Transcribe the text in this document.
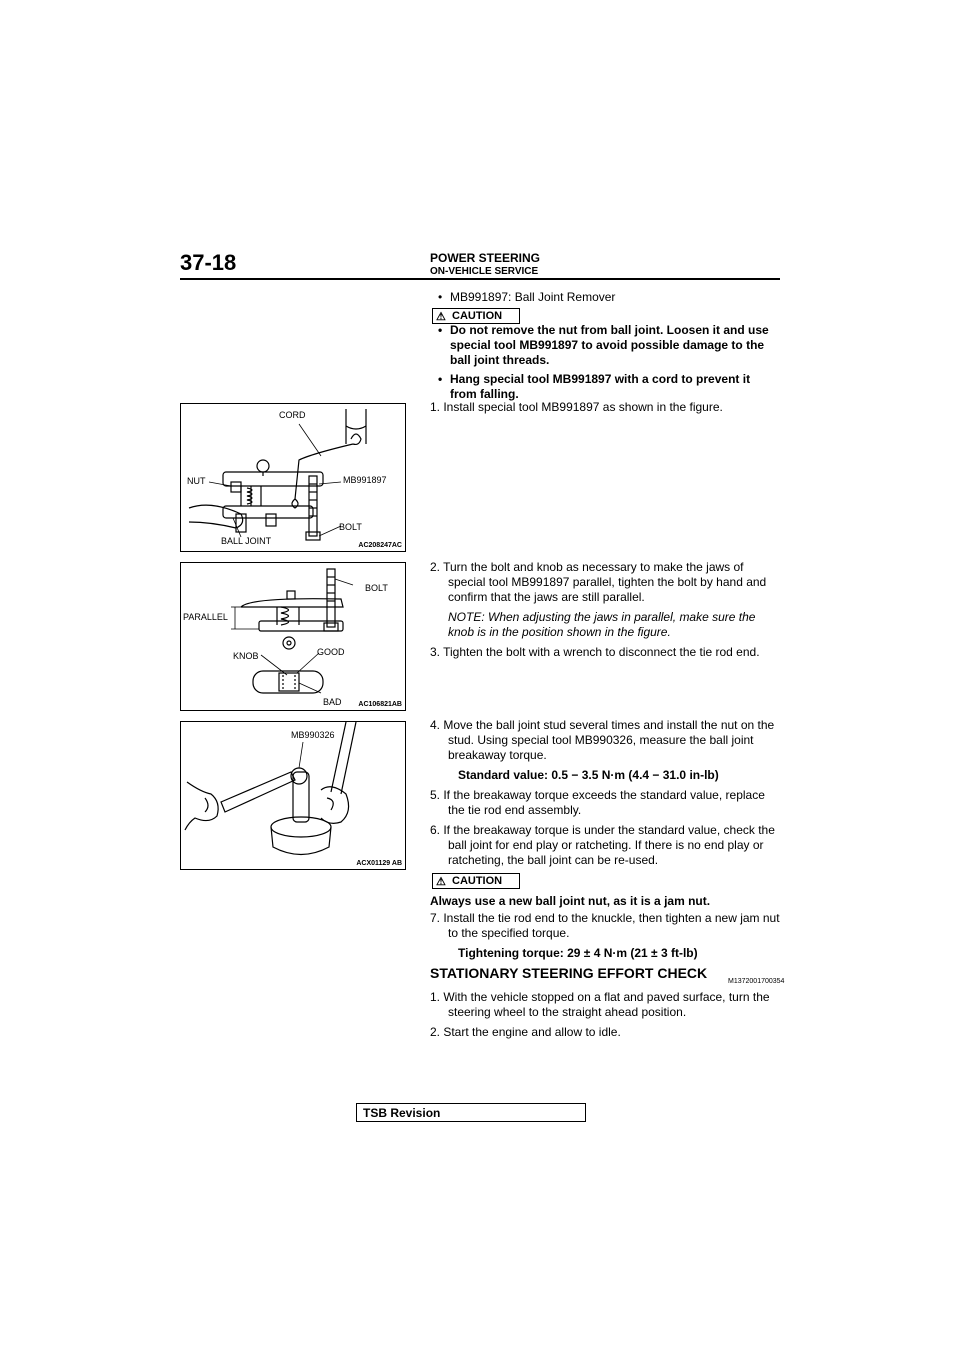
37-18	POWER STEERING
ON-VEHICLE SERVICE
• MB991897: Ball Joint Remover
⚠ CAUTION
• Do not remove the nut from ball joint. Loosen it and use special tool MB991897 to avoid possible damage to the ball joint threads.
• Hang special tool MB991897 with a cord to prevent it from falling.
1. Install special tool MB991897 as shown in the figure.
CORD
NUT	MB991897
BOLT
BALL JOINT	AC208247AC
2. Turn the bolt and knob as necessary to make the jaws of special tool MB991897 parallel, tighten the bolt by hand and confirm that the jaws are still parallel.
NOTE: When adjusting the jaws in parallel, make sure the knob is in the position shown in the figure.
3. Tighten the bolt with a wrench to disconnect the tie rod end.
BOLT
PARALLEL
KNOB	GOOD
BAD AC106821AB
4. Move the ball joint stud several times and install the nut on the stud. Using special tool MB990326, measure the ball joint breakaway torque.
Standard value: 0.5 − 3.5 N·m (4.4 − 31.0 in-lb)
5. If the breakaway torque exceeds the standard value, replace the tie rod end assembly.
6. If the breakaway torque is under the standard value, check the ball joint for end play or ratcheting. If there is no end play or ratcheting, the ball joint can be re-used.
⚠ CAUTION
Always use a new ball joint nut, as it is a jam nut.
7. Install the tie rod end to the knuckle, then tighten a new jam nut to the specified torque.
Tightening torque: 29 ± 4 N·m (21 ± 3 ft-lb)
MB990326
ACX01129 AB
STATIONARY STEERING EFFORT CHECK
M1372001700354
1. With the vehicle stopped on a flat and paved surface, turn the steering wheel to the straight ahead position.
2. Start the engine and allow to idle.
TSB Revision
